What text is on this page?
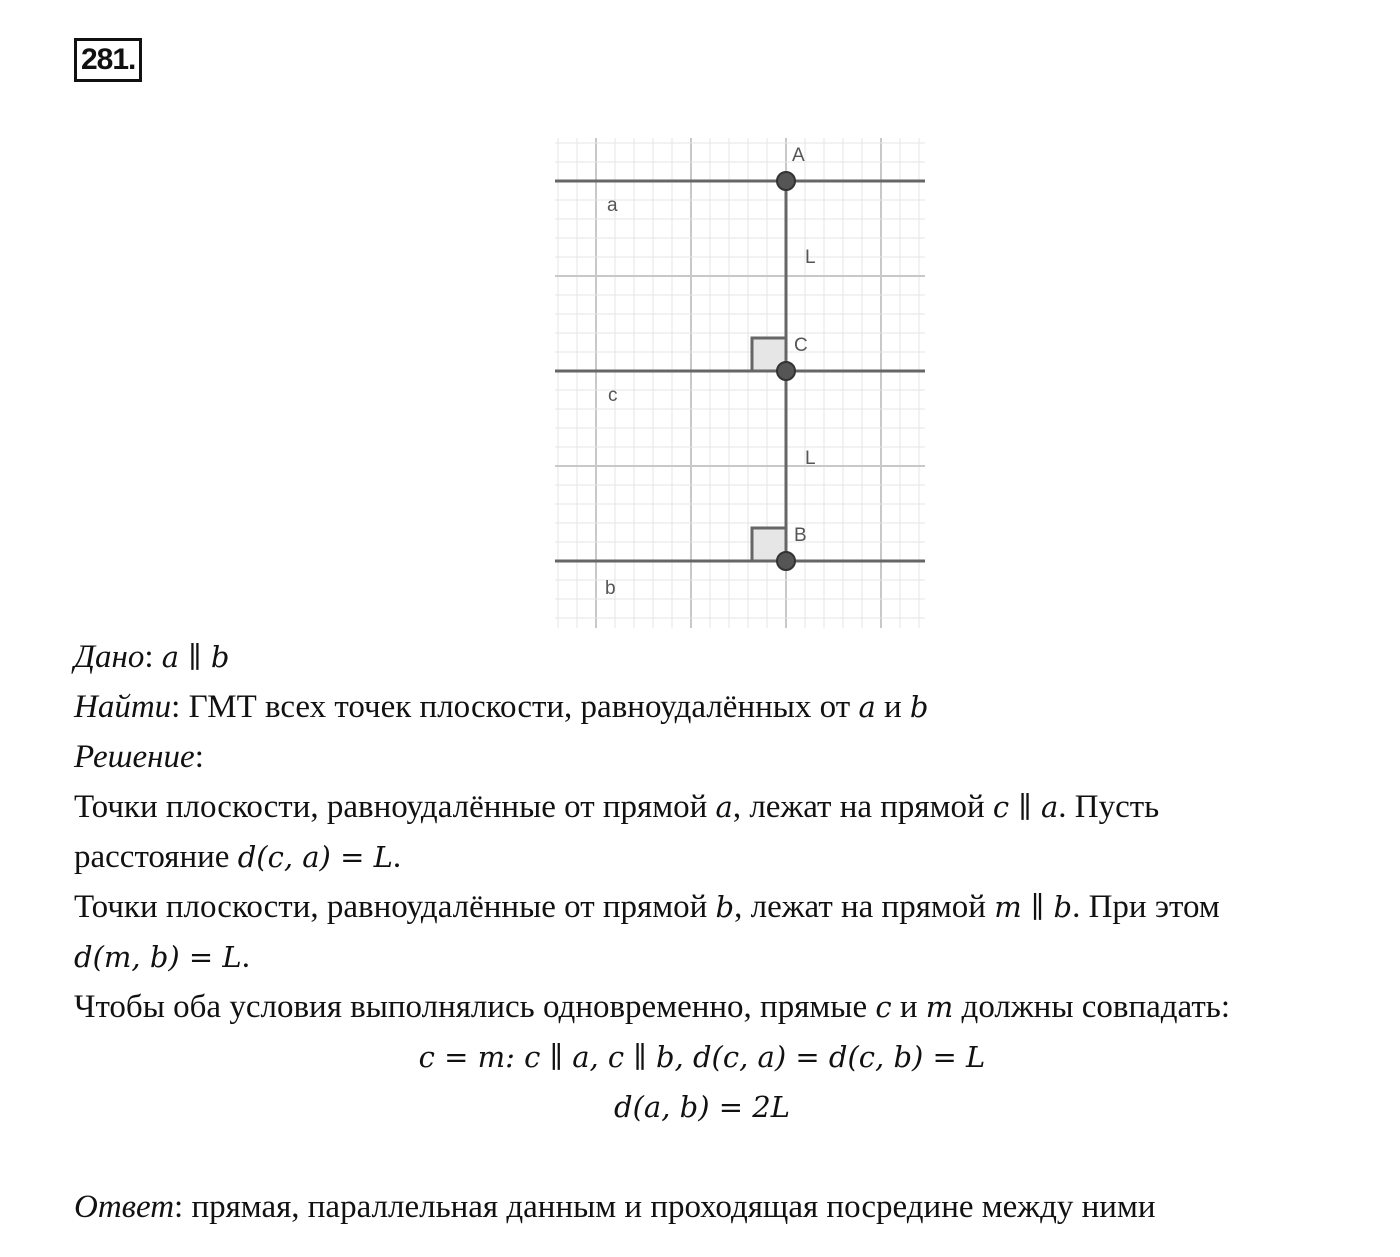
281.
A
C
B
a
c
b
L
L
Дано: a ∥ b
Найти: ГМТ всех точек плоскости, равноудалённых от a и b
Решение:
Точки плоскости, равноудалённые от прямой a, лежат на прямой c ∥ a. Пусть
расстояние d(c, a) = L.
Точки плоскости, равноудалённые от прямой b, лежат на прямой m ∥ b. При этом
d(m, b) = L.
Чтобы оба условия выполнялись одновременно, прямые c и m должны совпадать:
c = m: c ∥ a, c ∥ b, d(c, a) = d(c, b) = L
d(a, b) = 2L
Ответ: прямая, параллельная данным и проходящая посредине между ними
